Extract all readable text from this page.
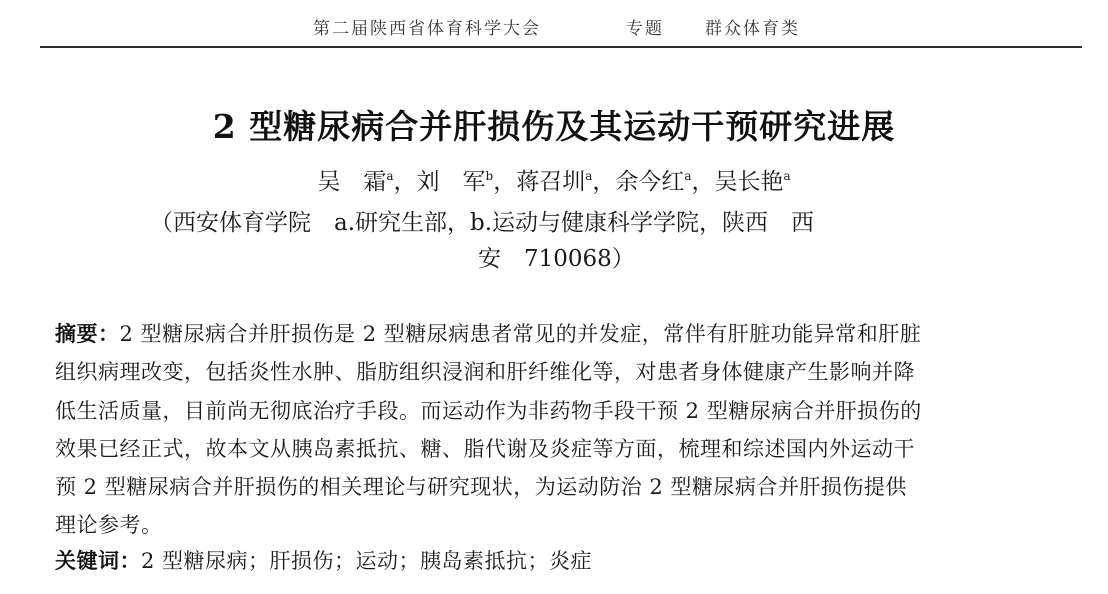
第二届陕西省体育科学大会	专题 群众体育类
2 型糖尿病合并肝损伤及其运动干预研究进展
吴　霜$^a$，刘　军$^b$，蒋召圳$^a$，余今红$^a$，吴长艳$^a$
（西安体育学院　a.研究生部，b.运动与健康科学学院，陕西　西
安　710068）
摘要：2 型糖尿病合并肝损伤是 2 型糖尿病患者常见的并发症，常伴有肝脏功能异常和肝脏
组织病理改变，包括炎性水肿、脂肪组织浸润和肝纤维化等，对患者身体健康产生影响并降
低生活质量，目前尚无彻底治疗手段。而运动作为非药物手段干预 2 型糖尿病合并肝损伤的
效果已经正式，故本文从胰岛素抵抗、糖、脂代谢及炎症等方面，梳理和综述国内外运动干
预 2 型糖尿病合并肝损伤的相关理论与研究现状，为运动防治 2 型糖尿病合并肝损伤提供
理论参考。
关键词：2 型糖尿病；肝损伤；运动；胰岛素抵抗；炎症
